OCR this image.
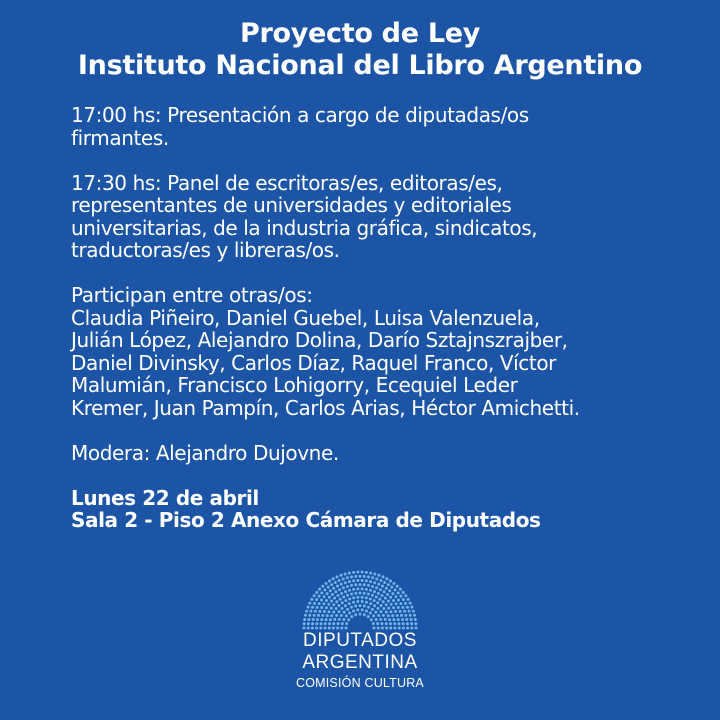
Proyecto de Ley
Instituto Nacional del Libro Argentino
17:00 hs: Presentación a cargo de diputadas/os
firmantes.
17:30 hs: Panel de escritoras/es, editoras/es,
representantes de universidades y editoriales
universitarias, de la industria gráfica, sindicatos,
traductoras/es y libreras/os.
Participan entre otras/os:
Claudia Piñeiro, Daniel Guebel, Luisa Valenzuela,
Julián López, Alejandro Dolina, Darío Sztajnszrajber,
Daniel Divinsky, Carlos Díaz, Raquel Franco, Víctor
Malumián, Francisco Lohigorry, Ecequiel Leder
Kremer, Juan Pampín, Carlos Arias, Héctor Amichetti.
Modera: Alejandro Dujovne.
Lunes 22 de abril
Sala 2 - Piso 2 Anexo Cámara de Diputados
DIPUTADOS
ARGENTINA
COMISIÓN CULTURA
